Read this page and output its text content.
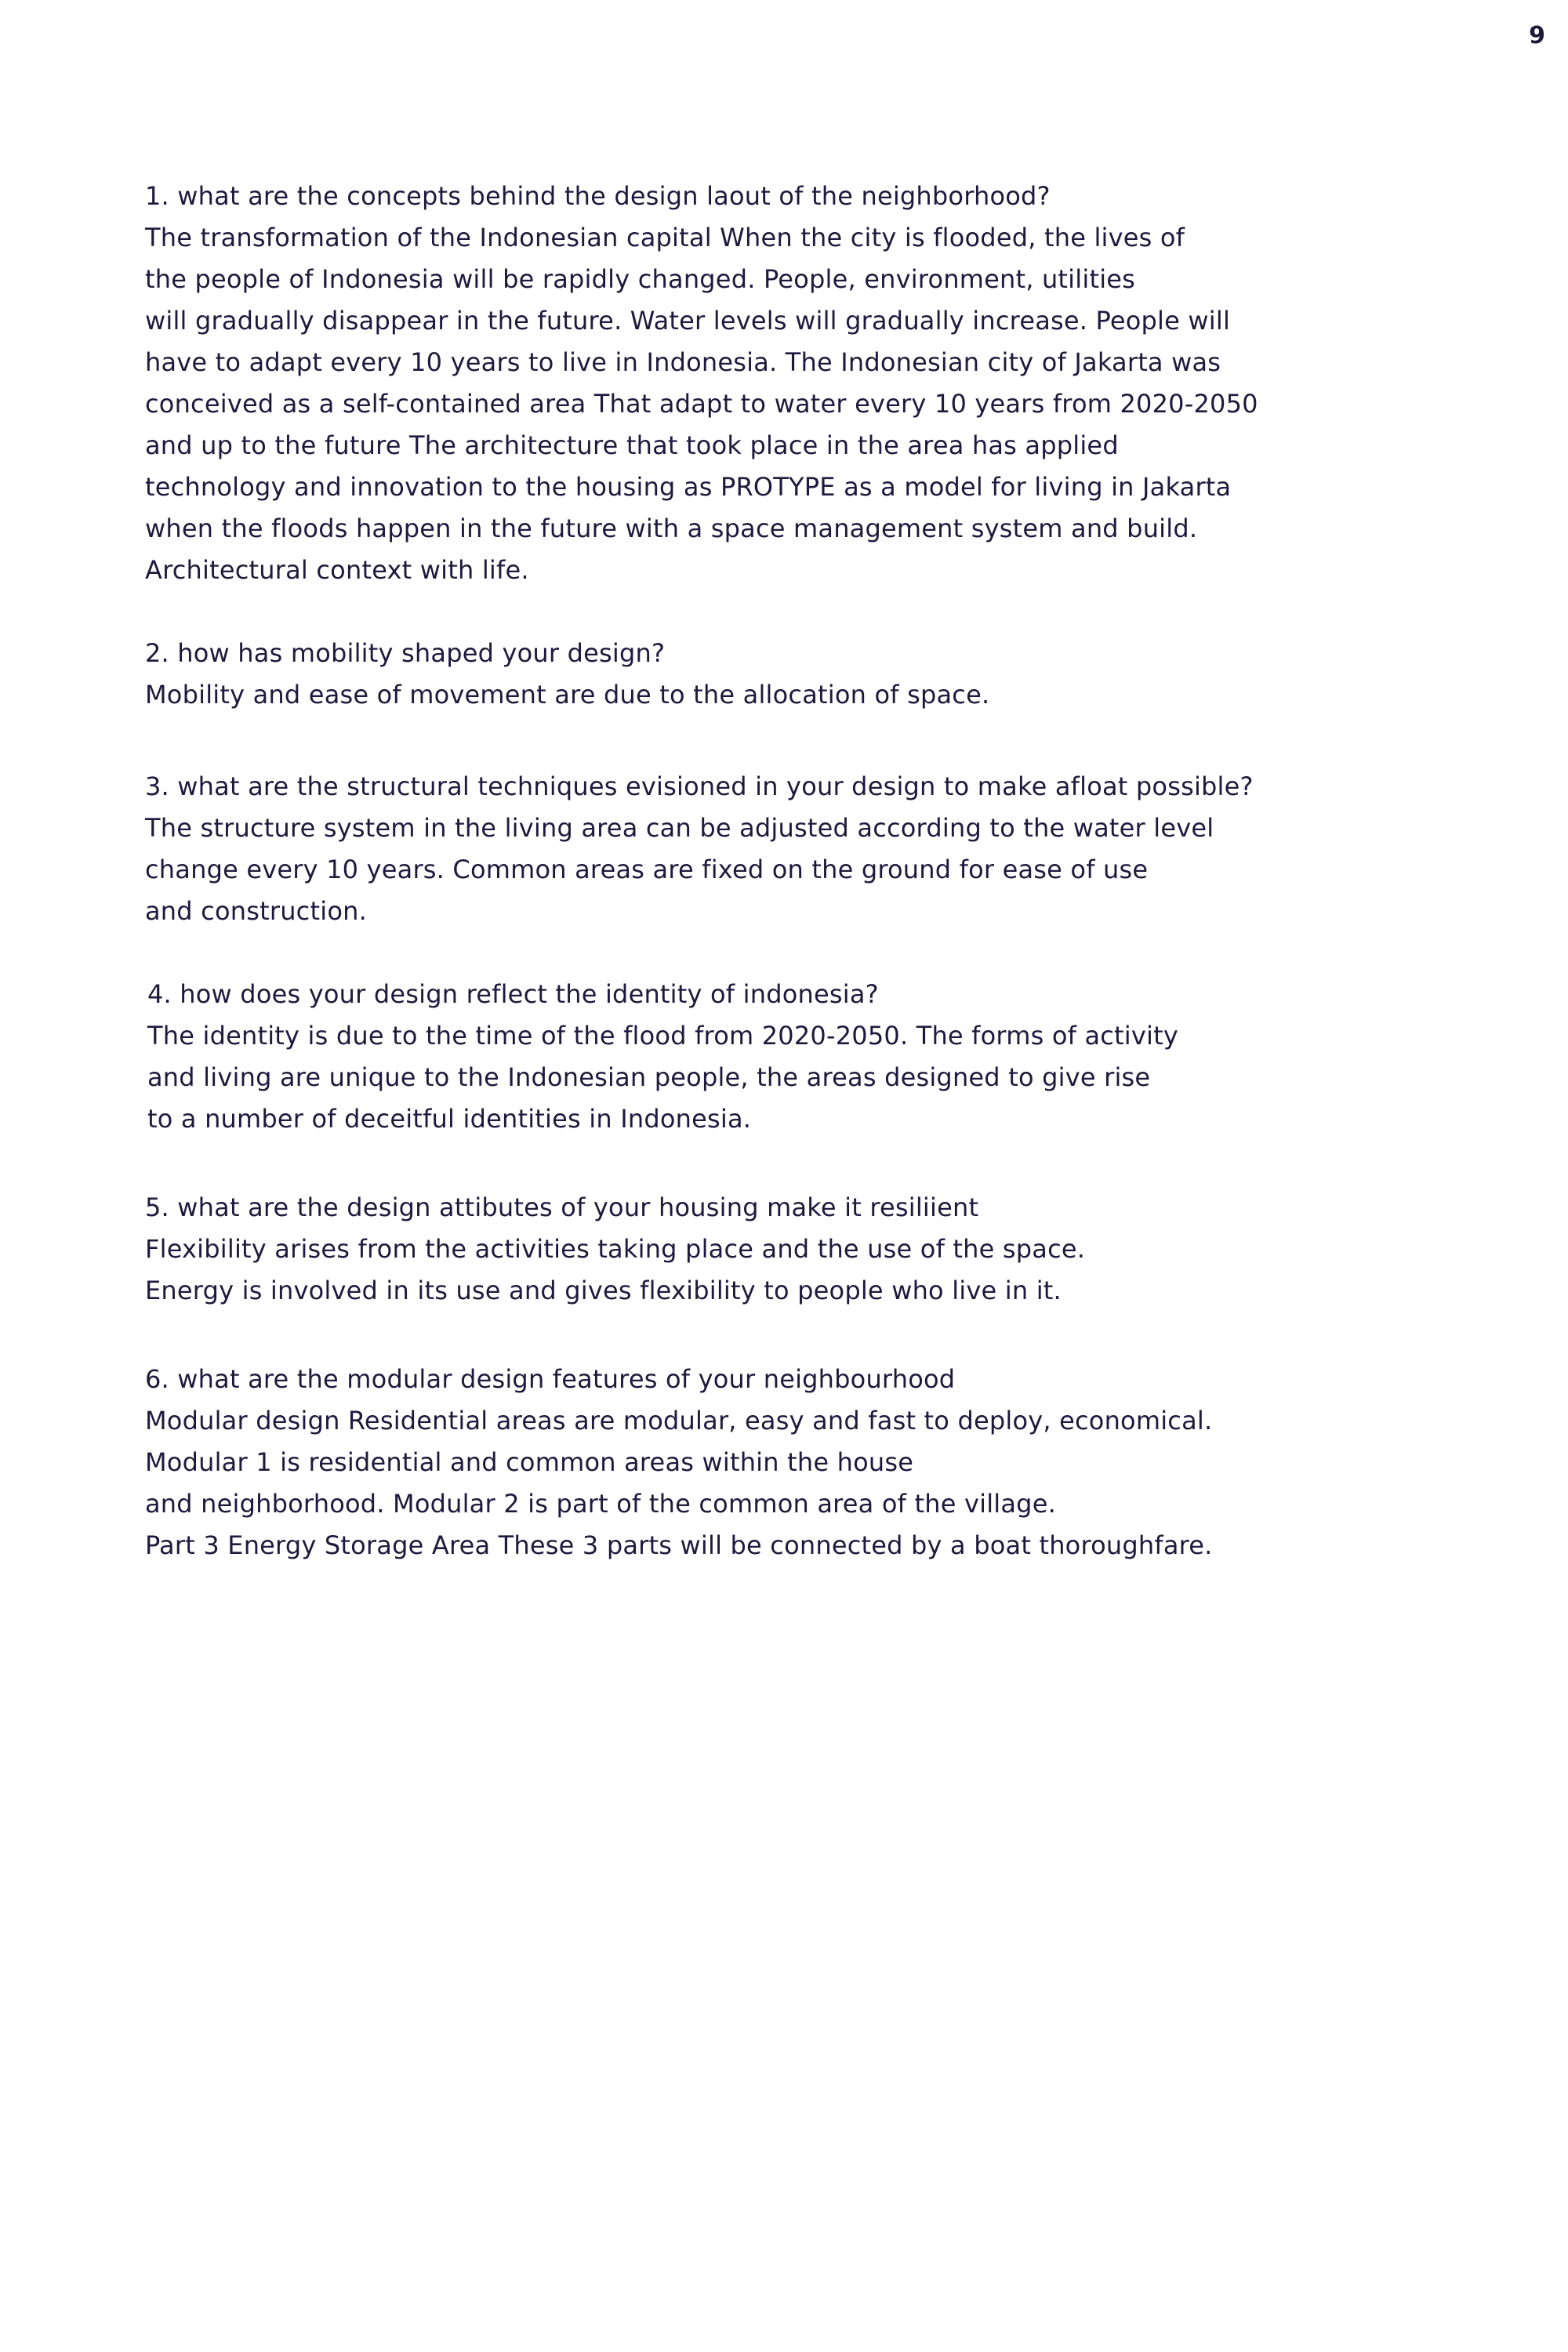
9
1. what are the concepts behind the design laout of the neighborhood?
The transformation of the Indonesian capital When the city is flooded, the lives of
the people of Indonesia will be rapidly changed. People, environment, utilities
will gradually disappear in the future. Water levels will gradually increase. People will
have to adapt every 10 years to live in Indonesia. The Indonesian city of Jakarta was
conceived as a self-contained area That adapt to water every 10 years from 2020-2050
and up to the future The architecture that took place in the area has applied
technology and innovation to the housing as PROTYPE as a model for living in Jakarta
when the floods happen in the future with a space management system and build.
Architectural context with life.
2. how has mobility shaped your design?
Mobility and ease of movement are due to the allocation of space.
3. what are the structural techniques evisioned in your design to make afloat possible?
The structure system in the living area can be adjusted according to the water level
change every 10 years. Common areas are fixed on the ground for ease of use
and construction.
4. how does your design reflect the identity of indonesia?
The identity is due to the time of the flood from 2020-2050. The forms of activity
and living are unique to the Indonesian people, the areas designed to give rise
to a number of deceitful identities in Indonesia.
5. what are the design attibutes of your housing make it resiliient
Flexibility arises from the activities taking place and the use of the space.
Energy is involved in its use and gives flexibility to people who live in it.
6. what are the modular design features of your neighbourhood
Modular design Residential areas are modular, easy and fast to deploy, economical.
Modular 1 is residential and common areas within the house
and neighborhood. Modular 2 is part of the common area of the village.
Part 3 Energy Storage Area These 3 parts will be connected by a boat thoroughfare.
